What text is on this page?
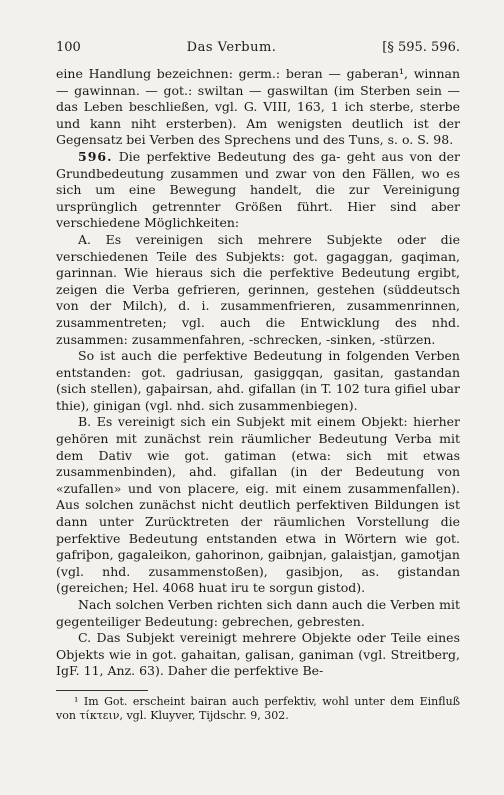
100	Das Verbum.	[§ 595. 596.

eine Handlung bezeichnen: germ.: beran — gaberan¹, winnan — gawinnan. — got.: swiltan — gaswiltan (im Sterben sein — das Leben beschließen, vgl. G. VIII, 163, 1 ich sterbe, sterbe und kann niht ersterben). Am wenigsten deutlich ist der Gegensatz bei Verben des Sprechens und des Tuns, s. o. S. 98.

596. Die perfektive Bedeutung des ga- geht aus von der Grundbedeutung zusammen und zwar von den Fällen, wo es sich um eine Bewegung handelt, die zur Vereinigung ursprünglich getrennter Größen führt. Hier sind aber verschiedene Möglichkeiten:

A. Es vereinigen sich mehrere Subjekte oder die verschiedenen Teile des Subjekts: got. gagaggan, gaqiman, garinnan. Wie hieraus sich die perfektive Bedeutung ergibt, zeigen die Verba gefrieren, gerinnen, gestehen (süddeutsch von der Milch), d. i. zusammenfrieren, zusammenrinnen, zusammentreten; vgl. auch die Entwicklung des nhd. zusammen: zusammenfahren, -schrecken, -sinken, -stürzen.

So ist auch die perfektive Bedeutung in folgenden Verben entstanden: got. gadriusan, gasiggqan, gasitan, gastandan (sich stellen), gaþairsan, ahd. gifallan (in T. 102 tura gifiel ubar thie), ginigan (vgl. nhd. sich zusammenbiegen).

B. Es vereinigt sich ein Subjekt mit einem Objekt: hierher gehören mit zunächst rein räumlicher Bedeutung Verba mit dem Dativ wie got. gatiman (etwa: sich mit etwas zusammenbinden), ahd. gifallan (in der Bedeutung von «zufallen» und von placere, eig. mit einem zusammenfallen). Aus solchen zunächst nicht deutlich perfektiven Bildungen ist dann unter Zurücktreten der räumlichen Vorstellung die perfektive Bedeutung entstanden etwa in Wörtern wie got. gafriþon, gagaleikon, gahorinon, gaibnjan, galaistjan, gamotjan (vgl. nhd. zusammenstoßen), gasibjon, as. gistandan (gereichen; Hel. 4068 huat iru te sorgun gistod).

Nach solchen Verben richten sich dann auch die Verben mit gegenteiliger Bedeutung: gebrechen, gebresten.

C. Das Subjekt vereinigt mehrere Objekte oder Teile eines Objekts wie in got. gahaitan, galisan, ganiman (vgl. Streitberg, IgF. 11, Anz. 63). Daher die perfektive Be-

¹ Im Got. erscheint bairan auch perfektiv, wohl unter dem Einfluß von τίκτειν, vgl. Kluyver, Tijdschr. 9, 302.
